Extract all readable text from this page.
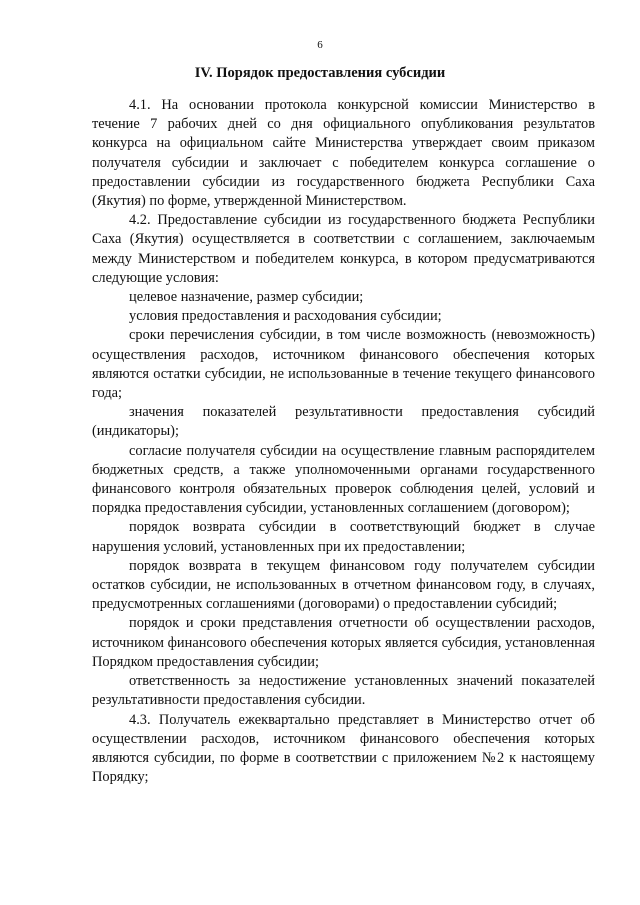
6
IV. Порядок предоставления субсидии

4.1. На основании протокола конкурсной комиссии Министерство в течение 7 рабочих дней со дня официального опубликования результатов конкурса на официальном сайте Министерства утверждает своим приказом получателя субсидии и заключает с победителем конкурса соглашение о предоставлении субсидии из государственного бюджета Республики Саха (Якутия) по форме, утвержденной Министерством.

4.2. Предоставление субсидии из государственного бюджета Республики Саха (Якутия) осуществляется в соответствии с соглашением, заключаемым между Министерством и победителем конкурса, в котором предусматриваются следующие условия:

целевое назначение, размер субсидии;

условия предоставления и расходования субсидии;

сроки перечисления субсидии, в том числе возможность (невозможность) осуществления расходов, источником финансового обеспечения которых являются остатки субсидии, не использованные в течение текущего финансового года;

значения показателей результативности предоставления субсидий (индикаторы);

согласие получателя субсидии на осуществление главным распорядителем бюджетных средств, а также уполномоченными органами государственного финансового контроля обязательных проверок соблюдения целей, условий и порядка предоставления субсидии, установленных соглашением (договором);

порядок возврата субсидии в соответствующий бюджет в случае нарушения условий, установленных при их предоставлении;

порядок возврата в текущем финансовом году получателем субсидии остатков субсидии, не использованных в отчетном финансовом году, в случаях, предусмотренных соглашениями (договорами) о предоставлении субсидий;

порядок и сроки представления отчетности об осуществлении расходов, источником финансового обеспечения которых является субсидия, установленная Порядком предоставления субсидии;

ответственность за недостижение установленных значений показателей результативности предоставления субсидии.

4.3. Получатель ежеквартально представляет в Министерство отчет об осуществлении расходов, источником финансового обеспечения которых являются субсидии, по форме в соответствии с приложением №2 к настоящему Порядку;
